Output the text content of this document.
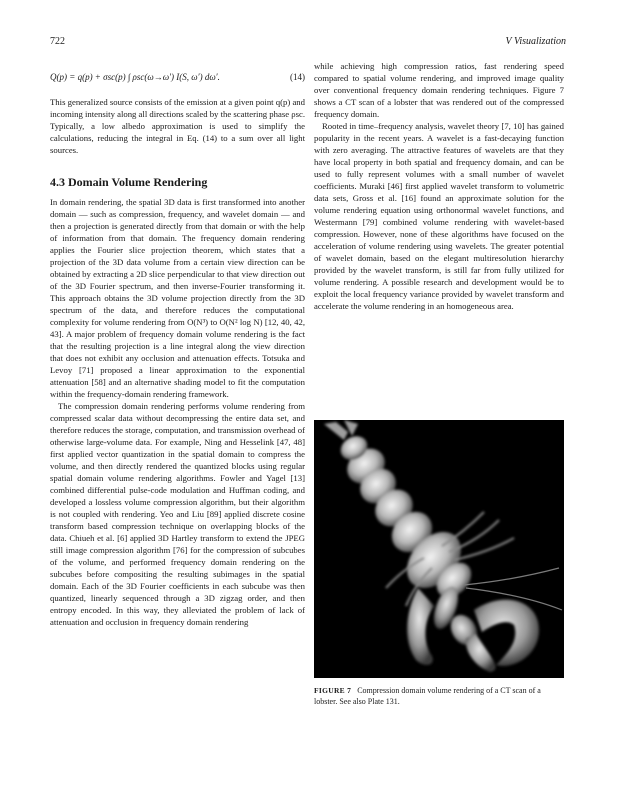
722	V Visualization
Q(p) = q(p) + σsc(p) ∫ ρsc(ω→ω′) I(S, ω′) dω′.	(14)

This generalized source consists of the emission at a given point q(p) and incoming intensity along all directions scaled by the scattering phase ρsc. Typically, a low albedo approximation is used to simplify the calculations, reducing the integral in Eq. (14) to a sum over all light sources.

4.3 Domain Volume Rendering

In domain rendering, the spatial 3D data is first transformed into another domain — such as compression, frequency, and wavelet domain — and then a projection is generated directly from that domain or with the help of information from that domain. The frequency domain rendering applies the Fourier slice projection theorem, which states that a projection of the 3D data volume from a certain view direction can be obtained by extracting a 2D slice perpendicular to that view direction out of the 3D Fourier spectrum, and then inverse-Fourier transforming it. This approach obtains the 3D volume projection directly from the 3D spectrum of the data, and therefore reduces the computational complexity for volume rendering from O(N³) to O(N² log N) [12, 40, 42, 43]. A major problem of frequency domain volume rendering is the fact that the resulting projection is a line integral along the view direction that does not exhibit any occlusion and attenuation effects. Totsuka and Levoy [71] proposed a linear approximation to the exponential attenuation [58] and an alternative shading model to fit the computation within the frequency-domain rendering framework.

The compression domain rendering performs volume rendering from compressed scalar data without decompressing the entire data set, and therefore reduces the storage, computation, and transmission overhead of otherwise large-volume data. For example, Ning and Hesselink [47, 48] first applied vector quantization in the spatial domain to compress the volume, and then directly rendered the quantized blocks using regular spatial domain volume rendering algorithms. Fowler and Yagel [13] combined differential pulse-code modulation and Huffman coding, and developed a lossless volume compression algorithm, but their algorithm is not coupled with rendering. Yeo and Liu [89] applied discrete cosine transform based compression technique on overlapping blocks of the data. Chiueh et al. [6] applied 3D Hartley transform to extend the JPEG still image compression algorithm [76] for the compression of subcubes of the volume, and performed frequency domain rendering on the subcubes before compositing the resulting subimages in the spatial domain. Each of the 3D Fourier coefficients in each subcube was then quantized, linearly sequenced through a 3D zigzag order, and then entropy encoded. In this way, they alleviated the problem of lack of attenuation and occlusion in frequency domain rendering

while achieving high compression ratios, fast rendering speed compared to spatial volume rendering, and improved image quality over conventional frequency domain rendering techniques. Figure 7 shows a CT scan of a lobster that was rendered out of the compressed frequency domain.

Rooted in time–frequency analysis, wavelet theory [7, 10] has gained popularity in the recent years. A wavelet is a fast-decaying function with zero averaging. The attractive features of wavelets are that they have local property in both spatial and frequency domain, and can be used to fully represent volumes with a small number of wavelet coefficients. Muraki [46] first applied wavelet transform to volumetric data sets, Gross et al. [16] found an approximate solution for the volume rendering equation using orthonormal wavelet functions, and Westermann [79] combined volume rendering with wavelet-based compression. However, none of these algorithms have focused on the acceleration of volume rendering using wavelets. The greater potential of wavelet domain, based on the elegant multiresolution hierarchy provided by the wavelet transform, is still far from fully utilized for volume rendering. A possible research and development would be to exploit the local frequency variance provided by wavelet transform and accelerate the volume rendering in an homogeneous area.

FIGURE 7 Compression domain volume rendering of a CT scan of a lobster. See also Plate 131.
